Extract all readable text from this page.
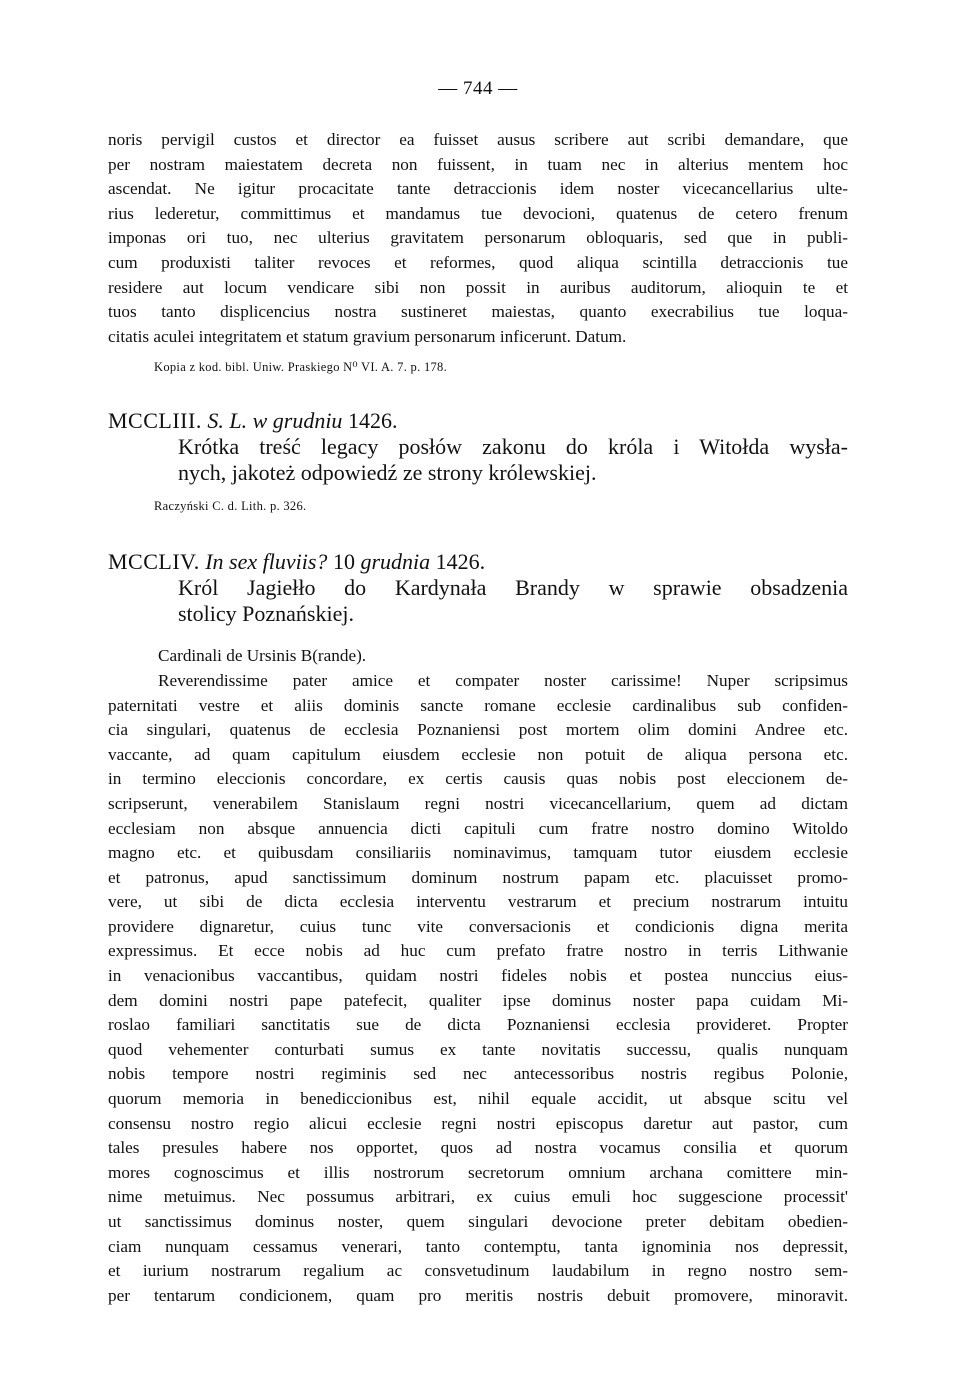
— 744 —
noris pervigil custos et director ea fuisset ausus scribere aut scribi demandare, que
per nostram maiestatem decreta non fuissent, in tuam nec in alterius mentem hoc
ascendat. Ne igitur procacitate tante detraccionis idem noster vicecancellarius ulte-
rius lederetur, committimus et mandamus tue devocioni, quatenus de cetero frenum
imponas ori tuo, nec ulterius gravitatem personarum obloquaris, sed que in publi-
cum produxisti taliter revoces et reformes, quod aliqua scintilla detraccionis tue
residere aut locum vendicare sibi non possit in auribus auditorum, alioquin te et
tuos tanto displicencius nostra sustineret maiestas, quanto execrabilius tue loqua-
citatis aculei integritatem et statum gravium personarum inficerunt. Datum.
Kopia z kod. bibl. Uniw. Praskiego N⁰ VI. A. 7. p. 178.
MCCLIII. S. L. w grudniu 1426.
Krótka treść legacy posłów zakonu do króla i Witołda wysła-
nych, jakoteż odpowiedź ze strony królewskiej.
Raczyński C. d. Lith. p. 326.
MCCLIV. In sex fluviis? 10 grudnia 1426.
Król Jagiełło do Kardynała Brandy w sprawie obsadzenia
stolicy Poznańskiej.
Cardinali de Ursinis B(rande).
Reverendissime pater amice et compater noster carissime! Nuper scripsimus
paternitati vestre et aliis dominis sancte romane ecclesie cardinalibus sub confiden-
cia singulari, quatenus de ecclesia Poznaniensi post mortem olim domini Andree etc.
vaccante, ad quam capitulum eiusdem ecclesie non potuit de aliqua persona etc.
in termino eleccionis concordare, ex certis causis quas nobis post eleccionem de-
scripserunt, venerabilem Stanislaum regni nostri vicecancellarium, quem ad dictam
ecclesiam non absque annuencia dicti capituli cum fratre nostro domino Witoldo
magno etc. et quibusdam consiliariis nominavimus, tamquam tutor eiusdem ecclesie
et patronus, apud sanctissimum dominum nostrum papam etc. placuisset promo-
vere, ut sibi de dicta ecclesia interventu vestrarum et precium nostrarum intuitu
providere dignaretur, cuius tunc vite conversacionis et condicionis digna merita
expressimus. Et ecce nobis ad huc cum prefato fratre nostro in terris Lithwanie
in venacionibus vaccantibus, quidam nostri fideles nobis et postea nunccius eius-
dem domini nostri pape patefecit, qualiter ipse dominus noster papa cuidam Mi-
roslao familiari sanctitatis sue de dicta Poznaniensi ecclesia provideret. Propter
quod vehementer conturbati sumus ex tante novitatis successu, qualis nunquam
nobis tempore nostri regiminis sed nec antecessoribus nostris regibus Polonie,
quorum memoria in benediccionibus est, nihil equale accidit, ut absque scitu vel
consensu nostro regio alicui ecclesie regni nostri episcopus daretur aut pastor, cum
tales presules habere nos opportet, quos ad nostra vocamus consilia et quorum
mores cognoscimus et illis nostrorum secretorum omnium archana comittere min-
nime metuimus. Nec possumus arbitrari, ex cuius emuli hoc suggescione processit'
ut sanctissimus dominus noster, quem singulari devocione preter debitam obedien-
ciam nunquam cessamus venerari, tanto contemptu, tanta ignominia nos depressit,
et iurium nostrarum regalium ac consvetudinum laudabilum in regno nostro sem-
per tentarum condicionem, quam pro meritis nostris debuit promovere, minoravit.
